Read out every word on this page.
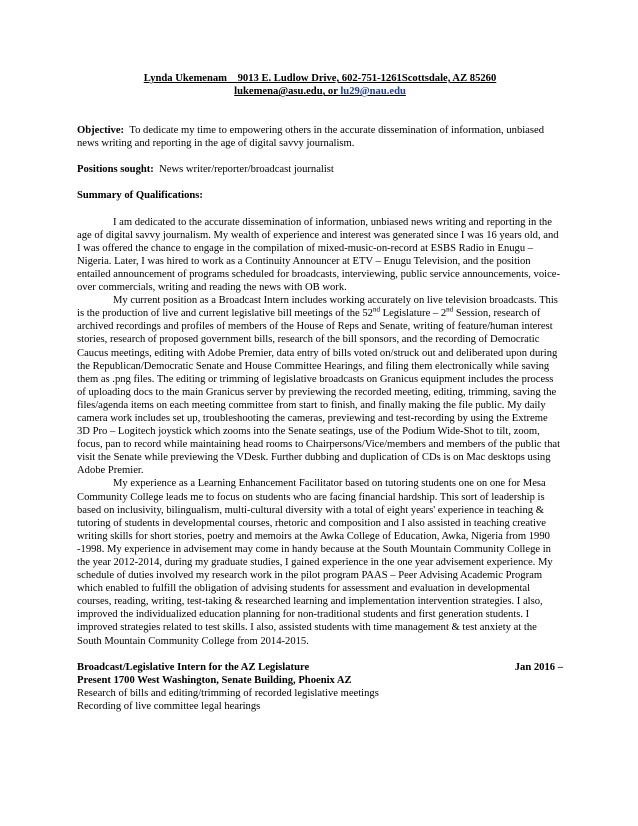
Lynda Ukemenam 9013 E. Ludlow Drive, 602-751-1261Scottsdale, AZ 85260
lukemena@asu.edu, or lu29@nau.edu

Objective: To dedicate my time to empowering others in the accurate dissemination of information, unbiased news writing and reporting in the age of digital savvy journalism.

Positions sought: News writer/reporter/broadcast journalist

Summary of Qualifications:

I am dedicated to the accurate dissemination of information, unbiased news writing and reporting in the age of digital savvy journalism. My wealth of experience and interest was generated since I was 16 years old, and I was offered the chance to engage in the compilation of mixed-music-on-record at ESBS Radio in Enugu – Nigeria. Later, I was hired to work as a Continuity Announcer at ETV – Enugu Television, and the position entailed announcement of programs scheduled for broadcasts, interviewing, public service announcements, voice-over commercials, writing and reading the news with OB work.

My current position as a Broadcast Intern includes working accurately on live television broadcasts. This is the production of live and current legislative bill meetings of the 52nd Legislature – 2nd Session, research of archived recordings and profiles of members of the House of Reps and Senate, writing of feature/human interest stories, research of proposed government bills, research of the bill sponsors, and the recording of Democratic Caucus meetings, editing with Adobe Premier, data entry of bills voted on/struck out and deliberated upon during the Republican/Democratic Senate and House Committee Hearings, and filing them electronically while saving them as .png files. The editing or trimming of legislative broadcasts on Granicus equipment includes the process of uploading docs to the main Granicus server by previewing the recorded meeting, editing, trimming, saving the files/agenda items on each meeting committee from start to finish, and finally making the file public. My daily camera work includes set up, troubleshooting the cameras, previewing and test-recording by using the Extreme 3D Pro – Logitech joystick which zooms into the Senate seatings, use of the Podium Wide-Shot to tilt, zoom, focus, pan to record while maintaining head rooms to Chairpersons/Vice/members and members of the public that visit the Senate while previewing the VDesk. Further dubbing and duplication of CDs is on Mac desktops using Adobe Premier.

My experience as a Learning Enhancement Facilitator based on tutoring students one on one for Mesa Community College leads me to focus on students who are facing financial hardship. This sort of leadership is based on inclusivity, bilingualism, multi-cultural diversity with a total of eight years' experience in teaching & tutoring of students in developmental courses, rhetoric and composition and I also assisted in teaching creative writing skills for short stories, poetry and memoirs at the Awka College of Education, Awka, Nigeria from 1990 -1998. My experience in advisement may come in handy because at the South Mountain Community College in the year 2012-2014, during my graduate studies, I gained experience in the one year advisement experience. My schedule of duties involved my research work in the pilot program PAAS – Peer Advising Academic Program which enabled to fulfill the obligation of advising students for assessment and evaluation in developmental courses, reading, writing, test-taking & researched learning and implementation intervention strategies. I also, improved the individualized education planning for non-traditional students and first generation students. I improved strategies related to test skills. I also, assisted students with time management & test anxiety at the South Mountain Community College from 2014-2015.

Broadcast/Legislative Intern for the AZ Legislature	Jan 2016 –
Present 1700 West Washington, Senate Building, Phoenix AZ
Research of bills and editing/trimming of recorded legislative meetings
Recording of live committee legal hearings
